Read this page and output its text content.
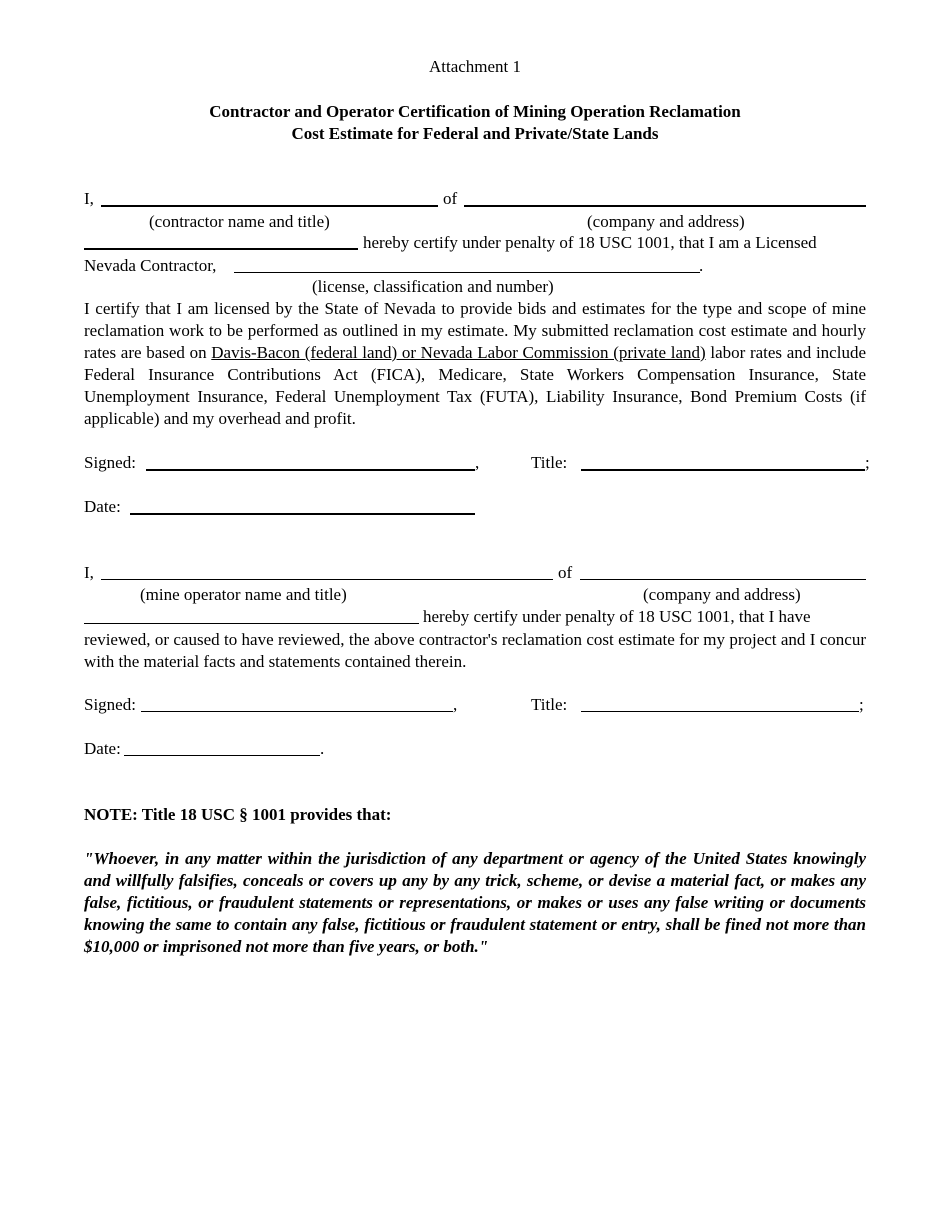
Attachment 1
Contractor and Operator Certification of Mining Operation Reclamation
Cost Estimate for Federal and Private/State Lands
I,	of
(contractor name and title)	(company and address)
hereby certify under penalty of 18 USC 1001, that I am a Licensed
Nevada Contractor,	.
(license, classification and number)
I certify that I am licensed by the State of Nevada to provide bids and estimates for the type and scope of mine reclamation work to be performed as outlined in my estimate. My submitted reclamation cost estimate and hourly rates are based on Davis-Bacon (federal land) or Nevada Labor Commission (private land) labor rates and include Federal Insurance Contributions Act (FICA), Medicare, State Workers Compensation Insurance, State Unemployment Insurance, Federal Unemployment Tax (FUTA), Liability Insurance, Bond Premium Costs (if applicable) and my overhead and profit.
Signed:	,	Title:	;
Date:
I,	of
(mine operator name and title)	(company and address)
hereby certify under penalty of 18 USC 1001, that I have
reviewed, or caused to have reviewed, the above contractor's reclamation cost estimate for my project and I concur with the material facts and statements contained therein.
Signed:	,	Title:	;
Date:	.
NOTE: Title 18 USC § 1001 provides that:
"Whoever, in any matter within the jurisdiction of any department or agency of the United States knowingly and willfully falsifies, conceals or covers up any by any trick, scheme, or devise a material fact, or makes any false, fictitious, or fraudulent statements or representations, or makes or uses any false writing or documents knowing the same to contain any false, fictitious or fraudulent statement or entry, shall be fined not more than $10,000 or imprisoned not more than five years, or both."
